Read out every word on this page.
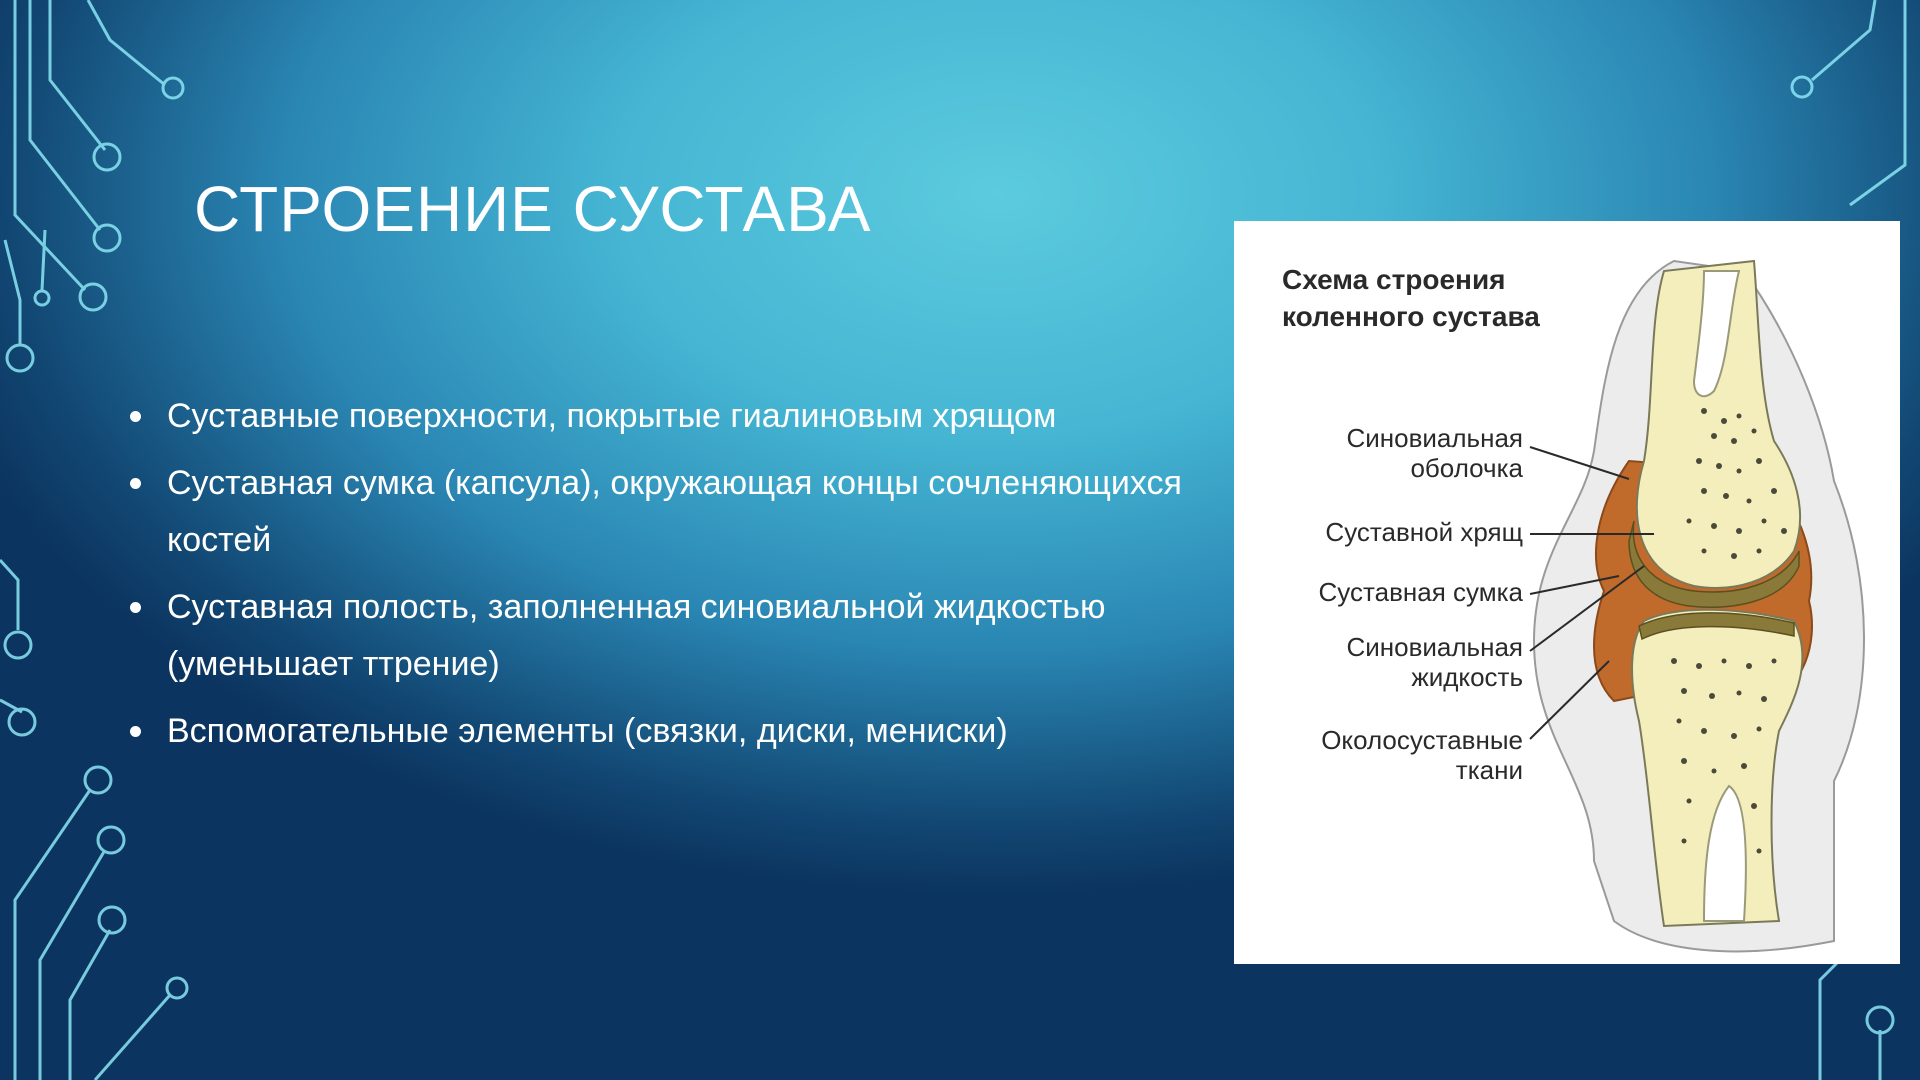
СТРОЕНИЕ СУСТАВА
Суставные поверхности, покрытые гиалиновым хрящом
Суставная сумка (капсула), окружающая концы сочленяющихся костей
Суставная полость, заполненная синовиальной жидкостью (уменьшает ттрение)
Вспомогательные элементы (связки, диски, мениски)
Схема строения
коленного сустава
Синовиальная
оболочка
Суставной хрящ
Суставная сумка
Синовиальная
жидкость
Околосуставные
ткани
